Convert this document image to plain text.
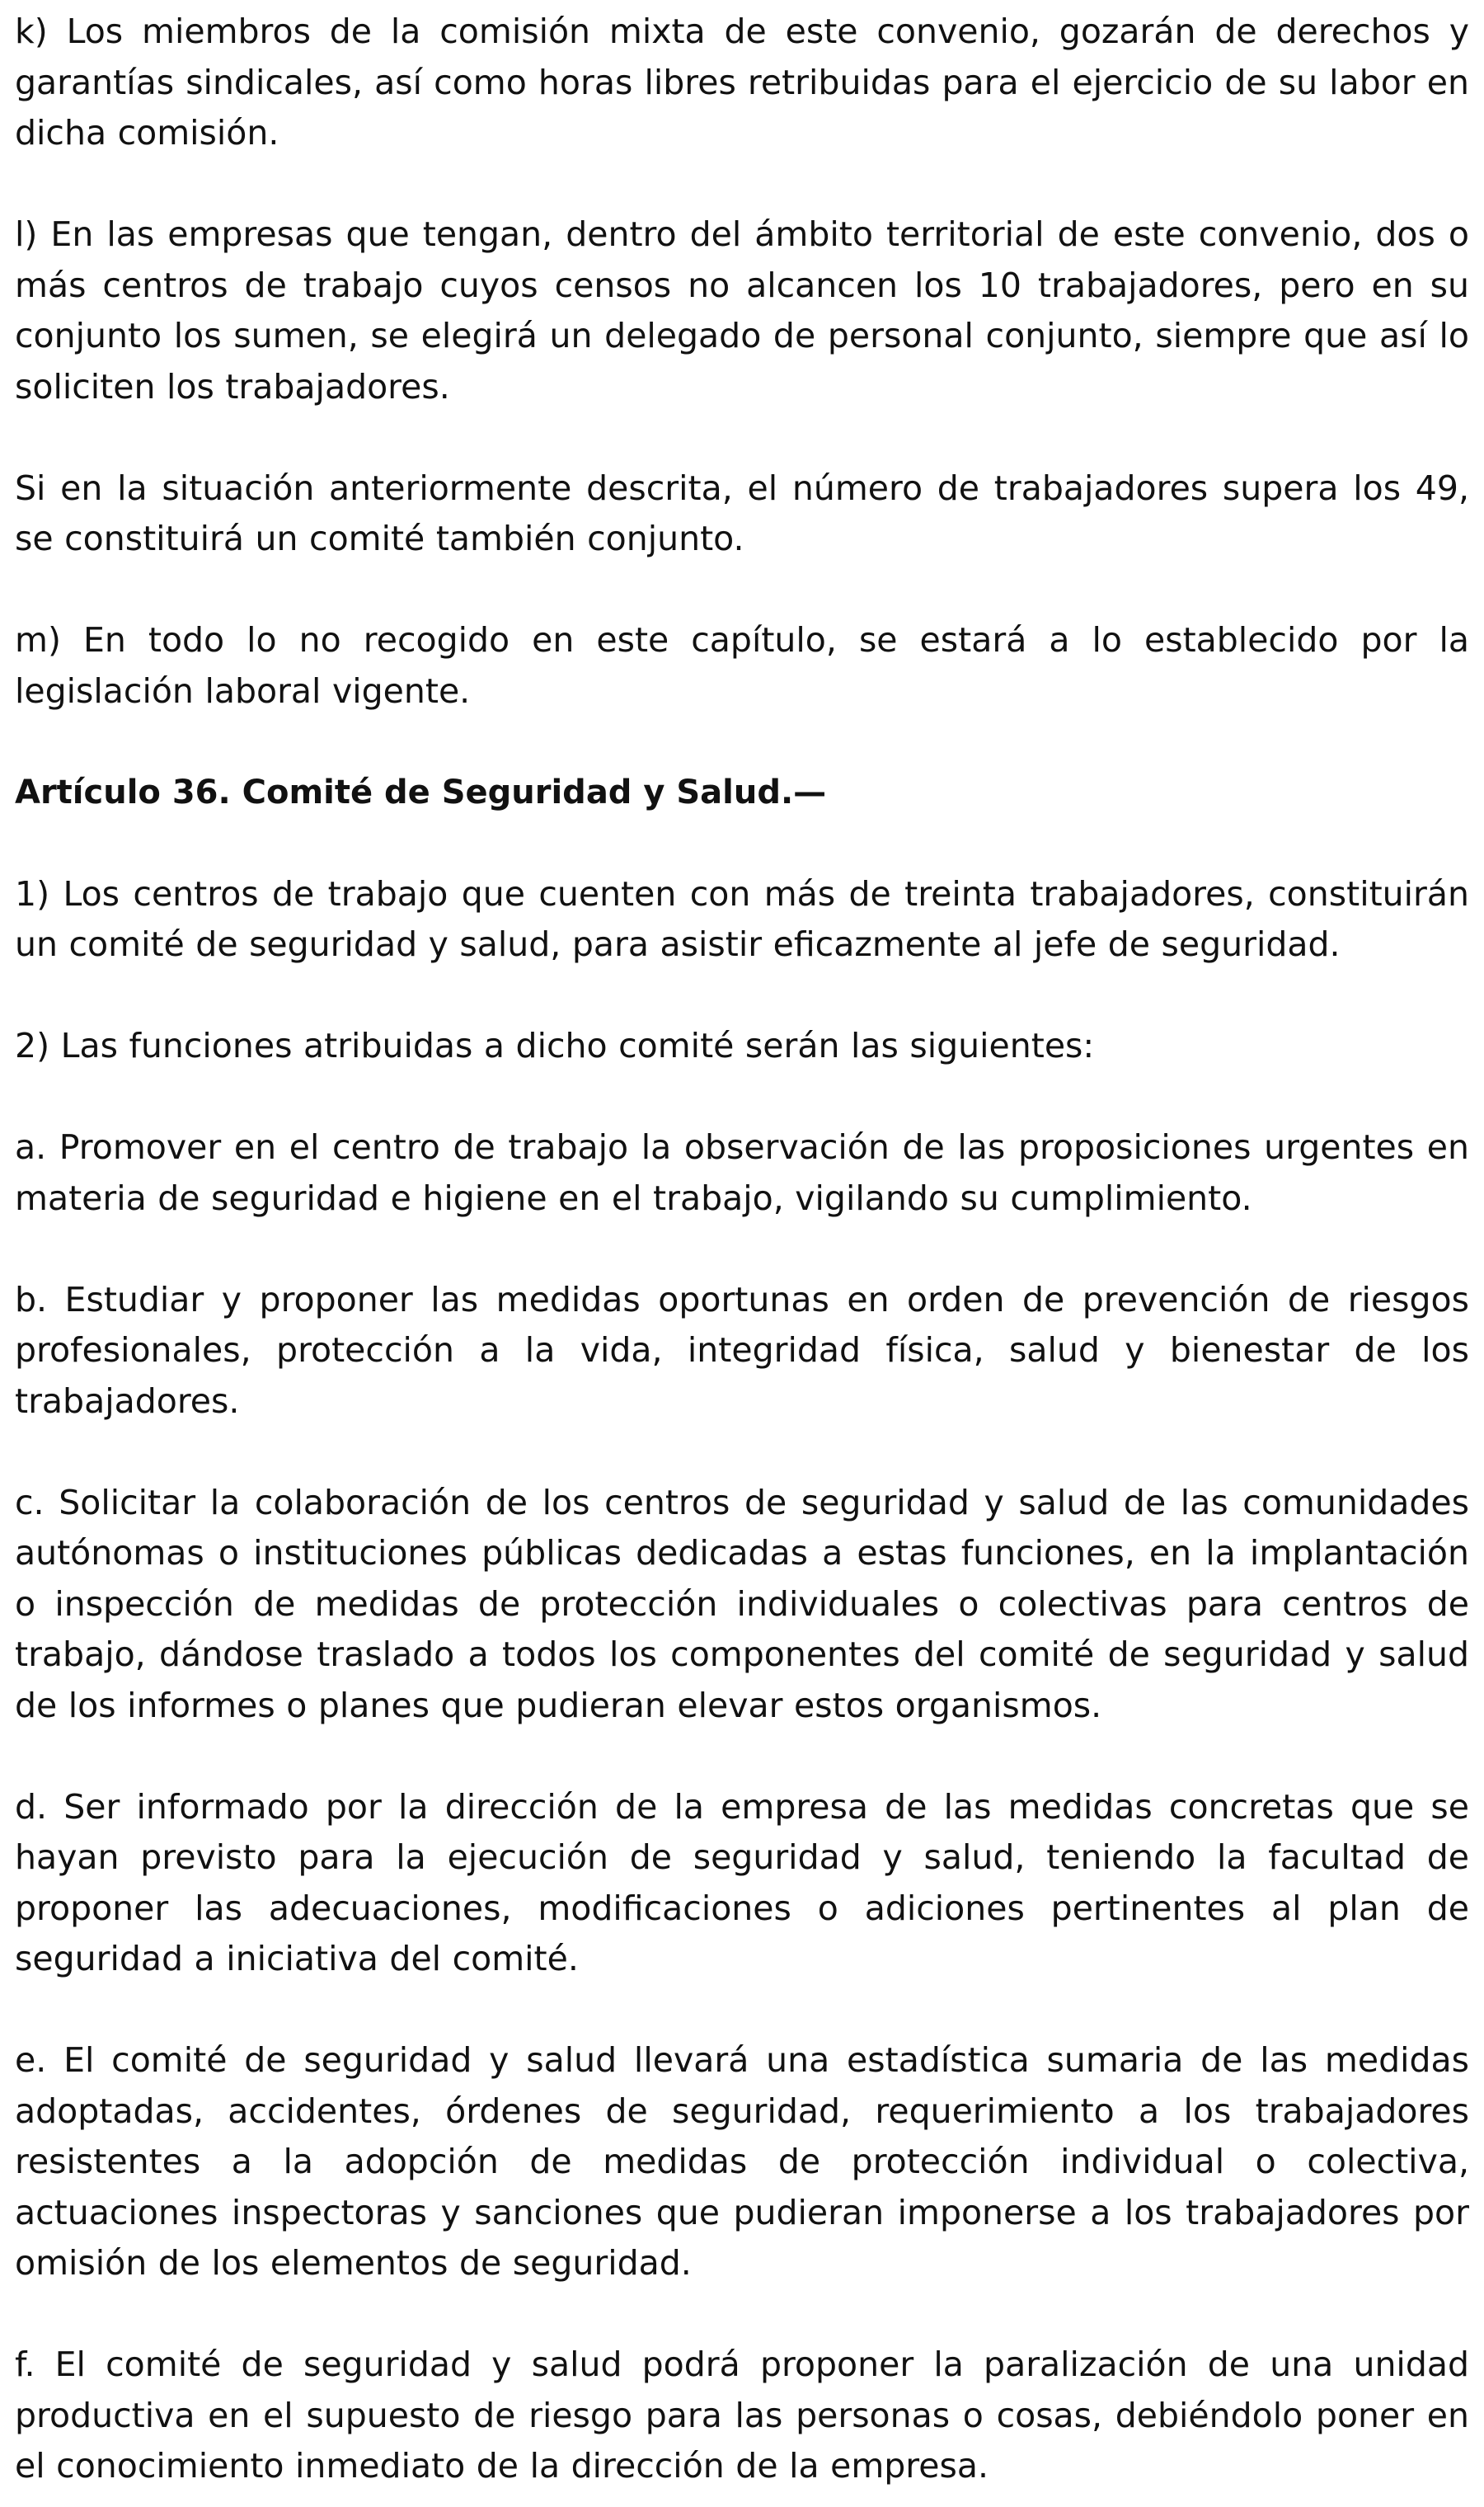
k) Los miembros de la comisión mixta de este convenio, gozarán de derechos y garantías sindicales, así como horas libres retribuidas para el ejercicio de su labor en dicha comisión.

l) En las empresas que tengan, dentro del ámbito territorial de este convenio, dos o más centros de trabajo cuyos censos no alcancen los 10 trabajadores, pero en su conjunto los sumen, se elegirá un delegado de personal conjunto, siempre que así lo soliciten los trabajadores.

Si en la situación anteriormente descrita, el número de trabajadores supera los 49, se constituirá un comité también conjunto.

m) En todo lo no recogido en este capítulo, se estará a lo establecido por la legislación laboral vigente.

Artículo 36. Comité de Seguridad y Salud.—

1) Los centros de trabajo que cuenten con más de treinta trabajadores, constituirán un comité de seguridad y salud, para asistir eficazmente al jefe de seguridad.

2) Las funciones atribuidas a dicho comité serán las siguientes:

a. Promover en el centro de trabajo la observación de las proposiciones urgentes en materia de seguridad e higiene en el trabajo, vigilando su cumplimiento.

b. Estudiar y proponer las medidas oportunas en orden de prevención de riesgos profesionales, protección a la vida, integridad física, salud y bienestar de los trabajadores.

c. Solicitar la colaboración de los centros de seguridad y salud de las comunidades autónomas o instituciones públicas dedicadas a estas funciones, en la implantación o inspección de medidas de protección individuales o colectivas para centros de trabajo, dándose traslado a todos los componentes del comité de seguridad y salud de los informes o planes que pudieran elevar estos organismos.

d. Ser informado por la dirección de la empresa de las medidas concretas que se hayan previsto para la ejecución de seguridad y salud, teniendo la facultad de proponer las adecuaciones, modificaciones o adiciones pertinentes al plan de seguridad a iniciativa del comité.

e. El comité de seguridad y salud llevará una estadística sumaria de las medidas adoptadas, accidentes, órdenes de seguridad, requerimiento a los trabajadores resistentes a la adopción de medidas de protección individual o colectiva, actuaciones inspectoras y sanciones que pudieran imponerse a los trabajadores por omisión de los elementos de seguridad.

f. El comité de seguridad y salud podrá proponer la paralización de una unidad productiva en el supuesto de riesgo para las personas o cosas, debiéndolo poner en el conocimiento inmediato de la dirección de la empresa.
